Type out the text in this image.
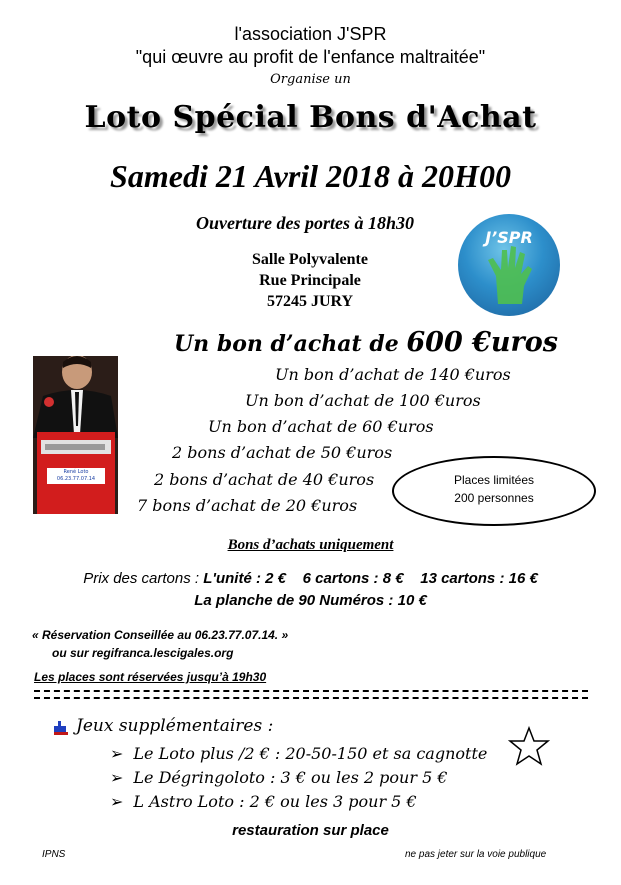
l'association J'SPR
"qui œuvre au profit de l'enfance maltraitée"
Organise un
Loto Spécial Bons d'Achat
Samedi 21 Avril 2018 à 20H00
Ouverture des portes à 18h30
Salle Polyvalente
Rue Principale
57245 JURY
J’SPR
Un bon d’achat de 600 €uros
Un bon d’achat de 140 €uros
Un bon d’achat de 100 €uros
Un bon d’achat de 60 €uros
2 bons d’achat de 50 €uros
2 bons d’achat de 40 €uros
7 bons d’achat de 20 €uros
René Loto
06.23.77.07.14	Places limitées
200 personnes
Bons d’achats uniquement
Prix des cartons : L'unité : 2 € 6 cartons : 8 € 13 cartons : 16 €
La planche de 90 Numéros : 10 €
« Réservation Conseillée au 06.23.77.07.14. »
ou sur regifranca.lescigales.org
Les places sont réservées jusqu’à 19h30
Jeux supplémentaires :
➢ Le Loto plus /2 € : 20-50-150 et sa cagnotte
➢ Le Dégringoloto : 3 € ou les 2 pour 5 €
➢ L Astro Loto : 2 € ou les 3 pour 5 €
restauration sur place
IPNS	ne pas jeter sur la voie publique
